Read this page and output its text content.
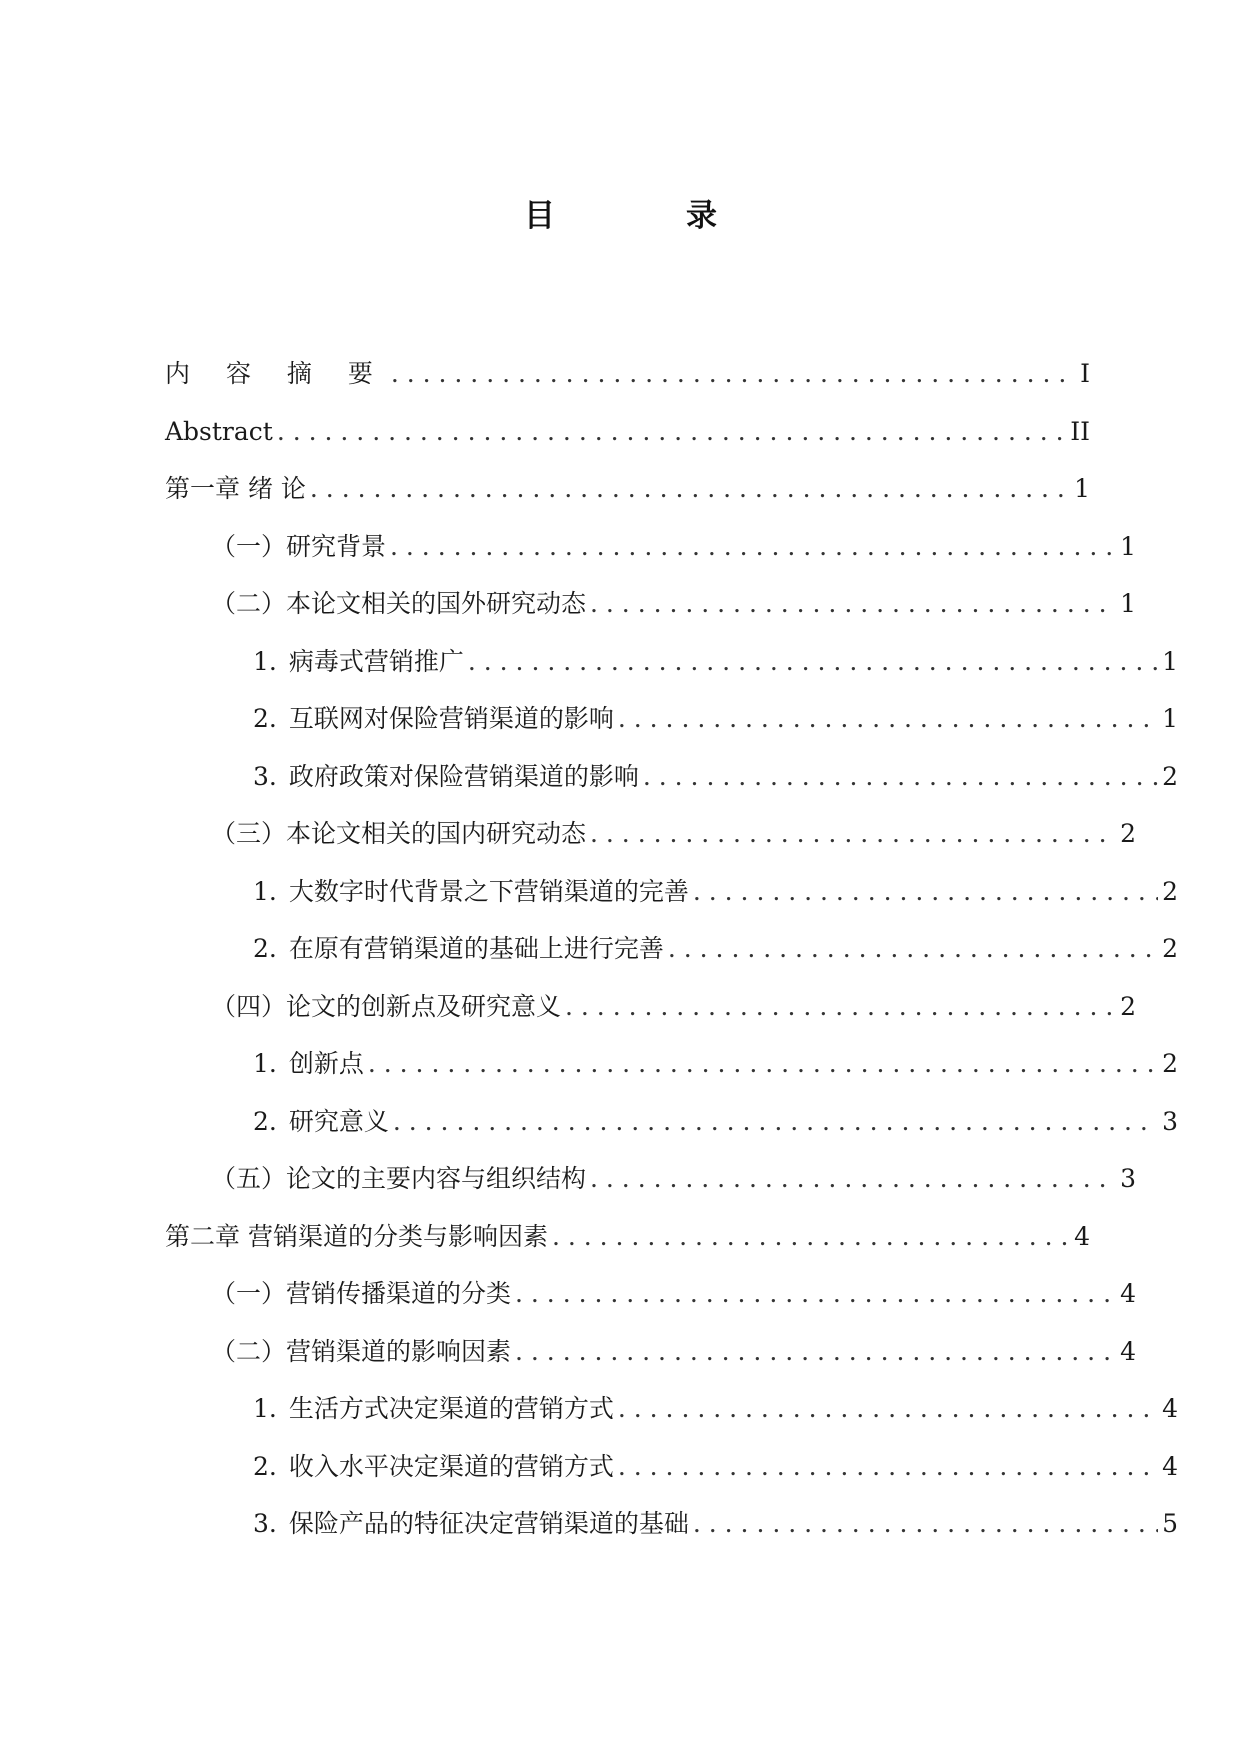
目　录
内 容 摘 要 . . .	I
Abstract . . .	II
第一章 绪 论 . . .	1
（一）研究背景 . . .	1
（二）本论文相关的国外研究动态 . . .	1
1. 病毒式营销推广 . . .	1
2. 互联网对保险营销渠道的影响 . . .	1
3. 政府政策对保险营销渠道的影响 . . .	2
（三）本论文相关的国内研究动态 . . .	2
1. 大数字时代背景之下营销渠道的完善 . . .	2
2. 在原有营销渠道的基础上进行完善 . . .	2
（四）论文的创新点及研究意义 . . .	2
1. 创新点 . . .	2
2. 研究意义 . . .	3
（五）论文的主要内容与组织结构 . . .	3
第二章 营销渠道的分类与影响因素 . . .	4
（一）营销传播渠道的分类 . . .	4
（二）营销渠道的影响因素 . . .	4
1. 生活方式决定渠道的营销方式 . . .	4
2. 收入水平决定渠道的营销方式 . . .	4
3. 保险产品的特征决定营销渠道的基础 . . .	5
